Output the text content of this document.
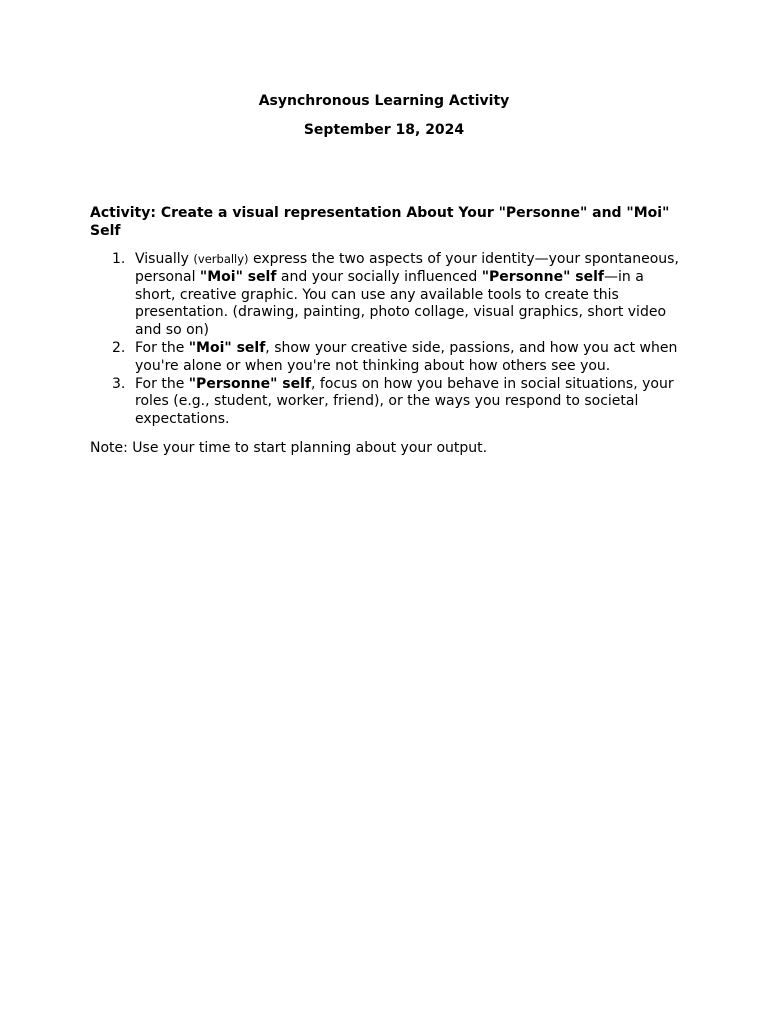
Asynchronous Learning Activity
September 18, 2024
Activity: Create a visual representation About Your "Personne" and "Moi" Self
1. Visually (verbally) express the two aspects of your identity—your spontaneous, personal "Moi" self and your socially influenced "Personne" self—in a short, creative graphic. You can use any available tools to create this presentation. (drawing, painting, photo collage, visual graphics, short video and so on)
2. For the "Moi" self, show your creative side, passions, and how you act when you're alone or when you're not thinking about how others see you.
3. For the "Personne" self, focus on how you behave in social situations, your roles (e.g., student, worker, friend), or the ways you respond to societal expectations.
Note: Use your time to start planning about your output.
